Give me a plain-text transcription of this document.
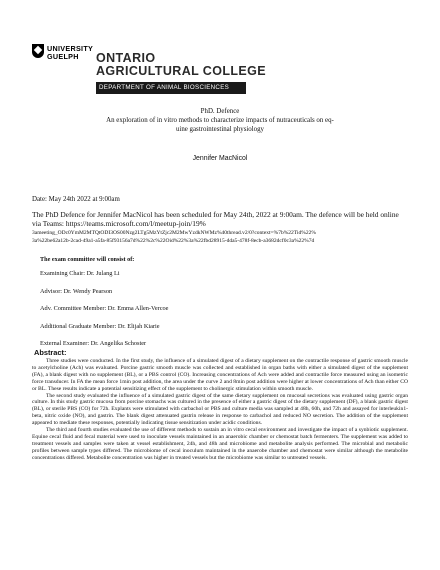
UNIVERSITY
GUELPH ONTARIO
AGRICULTURAL COLLEGE
DEPARTMENT OF ANIMAL BIOSCIENCES
PhD. Defence
An exploration of in vitro methods to characterize impacts of nutraceuticals on eq-
uine gastrointestinal physiology
Jennifer MacNicol
Date: May 24th 2022 at 9:00am
The PhD Defence for Jennifer MacNicol has been scheduled for May 24th, 2022 at 9:00am. The defence will be held online via Teams: https://teams.microsoft.com/l/meetup-join/19%
3ameeting_ODc0YmM2MTQtODI3OS00Nzg2LTg5MzYtZjc2M2MwYzdkNWMz%40thread.v2/0?context=%7b%22Tid%22%
3a%22be62a12b-2cad-49a1-a5fa-85f93156a7d%22%2c%22Oid%22%3a%22fbd28915-dda5-478f-8ecb-a3682dcf0c3a%22%7d
The exam committee will consist of:
Examining Chair: Dr. Julang Li
Advisor: Dr. Wendy Pearson
Adv. Committee Member: Dr. Emma Allen-Vercoe
Additional Graduate Member: Dr. Elijah Kiarie
External Examiner: Dr. Angelika Schoster
Abstract:

Three studies were conducted. In the first study, the influence of a simulated digest of a dietary supplement on the contractile response of gastric smooth muscle to acetylcholine (Ach) was evaluated. Porcine gastric smooth muscle was collected and established in organ baths with either a simulated digest of the supplement (FA), a blank digest with no supplement (BL), or a PBS control (CO). Increasing concentrations of Ach were added and contractile force measured using an isometric force transducer. In FA the mean force 1min post addition, the area under the curve 2 and 8min post addition were higher at lower concentrations of Ach than either CO or BL. These results indicate a potential sensitizing effect of the supplement to cholinergic stimulation within smooth muscle.

The second study evaluated the influence of a simulated gastric digest of the same dietary supplement on mucosal secretions was evaluated using gastric organ culture. In this study gastric mucosa from porcine stomachs was cultured in the presence of either a gastric digest of the dietary supplement (DF), a blank gastric digest (BL), or sterile PBS (CO) for 72h. Explants were stimulated with carbachol or PBS and culture media was sampled at 48h, 60h, and 72h and assayed for interleukin1-beta, nitric oxide (NO), and gastrin. The blank digest attenuated gastrin release in response to carbachol and reduced NO secretion. The addition of the supplement appeared to mediate these responses, potentially indicating tissue sensitization under acidic conditions.

The third and fourth studies evaluated the use of different methods to sustain an in vitro cecal environment and investigate the impact of a synbiotic supplement. Equine cecal fluid and fecal material were used to inoculate vessels maintained in an anaerobic chamber or chemostat batch fermenters. The supplement was added to treatment vessels and samples were taken at vessel establishment, 24h, and 48h and microbiome and metabolite analysis performed. The microbial and metabolic profiles between sample types differed. The microbiome of cecal inoculum maintained in the anaerobe chamber and chemostat were similar although the metabolite concentrations differed. Metabolite concentration was higher in treated vessels but the microbiome was similar to untreated vessels.
